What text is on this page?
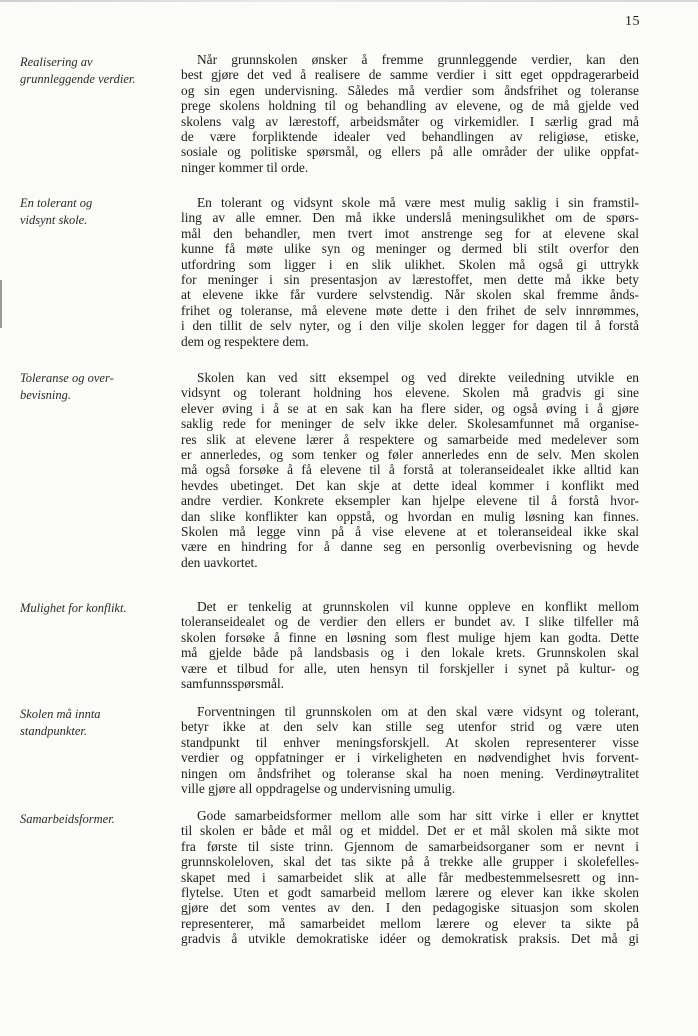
15
Realisering av
grunnleggende verdier.
En tolerant og
vidsynt skole.
Toleranse og over-
bevisning.
Mulighet for konflikt.
Skolen må innta
standpunkter.
Samarbeidsformer.
Når grunnskolen ønsker å fremme grunnleggende verdier, kan den
best gjøre det ved å realisere de samme verdier i sitt eget oppdragerarbeid
og sin egen undervisning. Således må verdier som åndsfrihet og toleranse
prege skolens holdning til og behandling av elevene, og de må gjelde ved
skolens valg av lærestoff, arbeidsmåter og virkemidler. I særlig grad må
de være forpliktende idealer ved behandlingen av religiøse, etiske,
sosiale og politiske spørsmål, og ellers på alle områder der ulike oppfat-
ninger kommer til orde.
En tolerant og vidsynt skole må være mest mulig saklig i sin framstil-
ling av alle emner. Den må ikke underslå meningsulikhet om de spørs-
mål den behandler, men tvert imot anstrenge seg for at elevene skal
kunne få møte ulike syn og meninger og dermed bli stilt overfor den
utfordring som ligger i en slik ulikhet. Skolen må også gi uttrykk
for meninger i sin presentasjon av lærestoffet, men dette må ikke bety
at elevene ikke får vurdere selvstendig. Når skolen skal fremme ånds-
frihet og toleranse, må elevene møte dette i den frihet de selv innrømmes,
i den tillit de selv nyter, og i den vilje skolen legger for dagen til å forstå
dem og respektere dem.
Skolen kan ved sitt eksempel og ved direkte veiledning utvikle en
vidsynt og tolerant holdning hos elevene. Skolen må gradvis gi sine
elever øving i å se at en sak kan ha flere sider, og også øving i å gjøre
saklig rede for meninger de selv ikke deler. Skolesamfunnet må organise-
res slik at elevene lærer å respektere og samarbeide med medelever som
er annerledes, og som tenker og føler annerledes enn de selv. Men skolen
må også forsøke å få elevene til å forstå at toleranseidealet ikke alltid kan
hevdes ubetinget. Det kan skje at dette ideal kommer i konflikt med
andre verdier. Konkrete eksempler kan hjelpe elevene til å forstå hvor-
dan slike konflikter kan oppstå, og hvordan en mulig løsning kan finnes.
Skolen må legge vinn på å vise elevene at et toleranseideal ikke skal
være en hindring for å danne seg en personlig overbevisning og hevde
den uavkortet.
Det er tenkelig at grunnskolen vil kunne oppleve en konflikt mellom
toleranseidealet og de verdier den ellers er bundet av. I slike tilfeller må
skolen forsøke å finne en løsning som flest mulige hjem kan godta. Dette
må gjelde både på landsbasis og i den lokale krets. Grunnskolen skal
være et tilbud for alle, uten hensyn til forskjeller i synet på kultur- og
samfunnsspørsmål.
Forventningen til grunnskolen om at den skal være vidsynt og tolerant,
betyr ikke at den selv kan stille seg utenfor strid og være uten
standpunkt til enhver meningsforskjell. At skolen representerer visse
verdier og oppfatninger er i virkeligheten en nødvendighet hvis forvent-
ningen om åndsfrihet og toleranse skal ha noen mening. Verdinøytralitet
ville gjøre all oppdragelse og undervisning umulig.
Gode samarbeidsformer mellom alle som har sitt virke i eller er knyttet
til skolen er både et mål og et middel. Det er et mål skolen må sikte mot
fra første til siste trinn. Gjennom de samarbeidsorganer som er nevnt i
grunnskoleloven, skal det tas sikte på å trekke alle grupper i skolefelles-
skapet med i samarbeidet slik at alle får medbestemmelsesrett og inn-
flytelse. Uten et godt samarbeid mellom lærere og elever kan ikke skolen
gjøre det som ventes av den. I den pedagogiske situasjon som skolen
representerer, må samarbeidet mellom lærere og elever ta sikte på
gradvis å utvikle demokratiske idéer og demokratisk praksis. Det må gi
